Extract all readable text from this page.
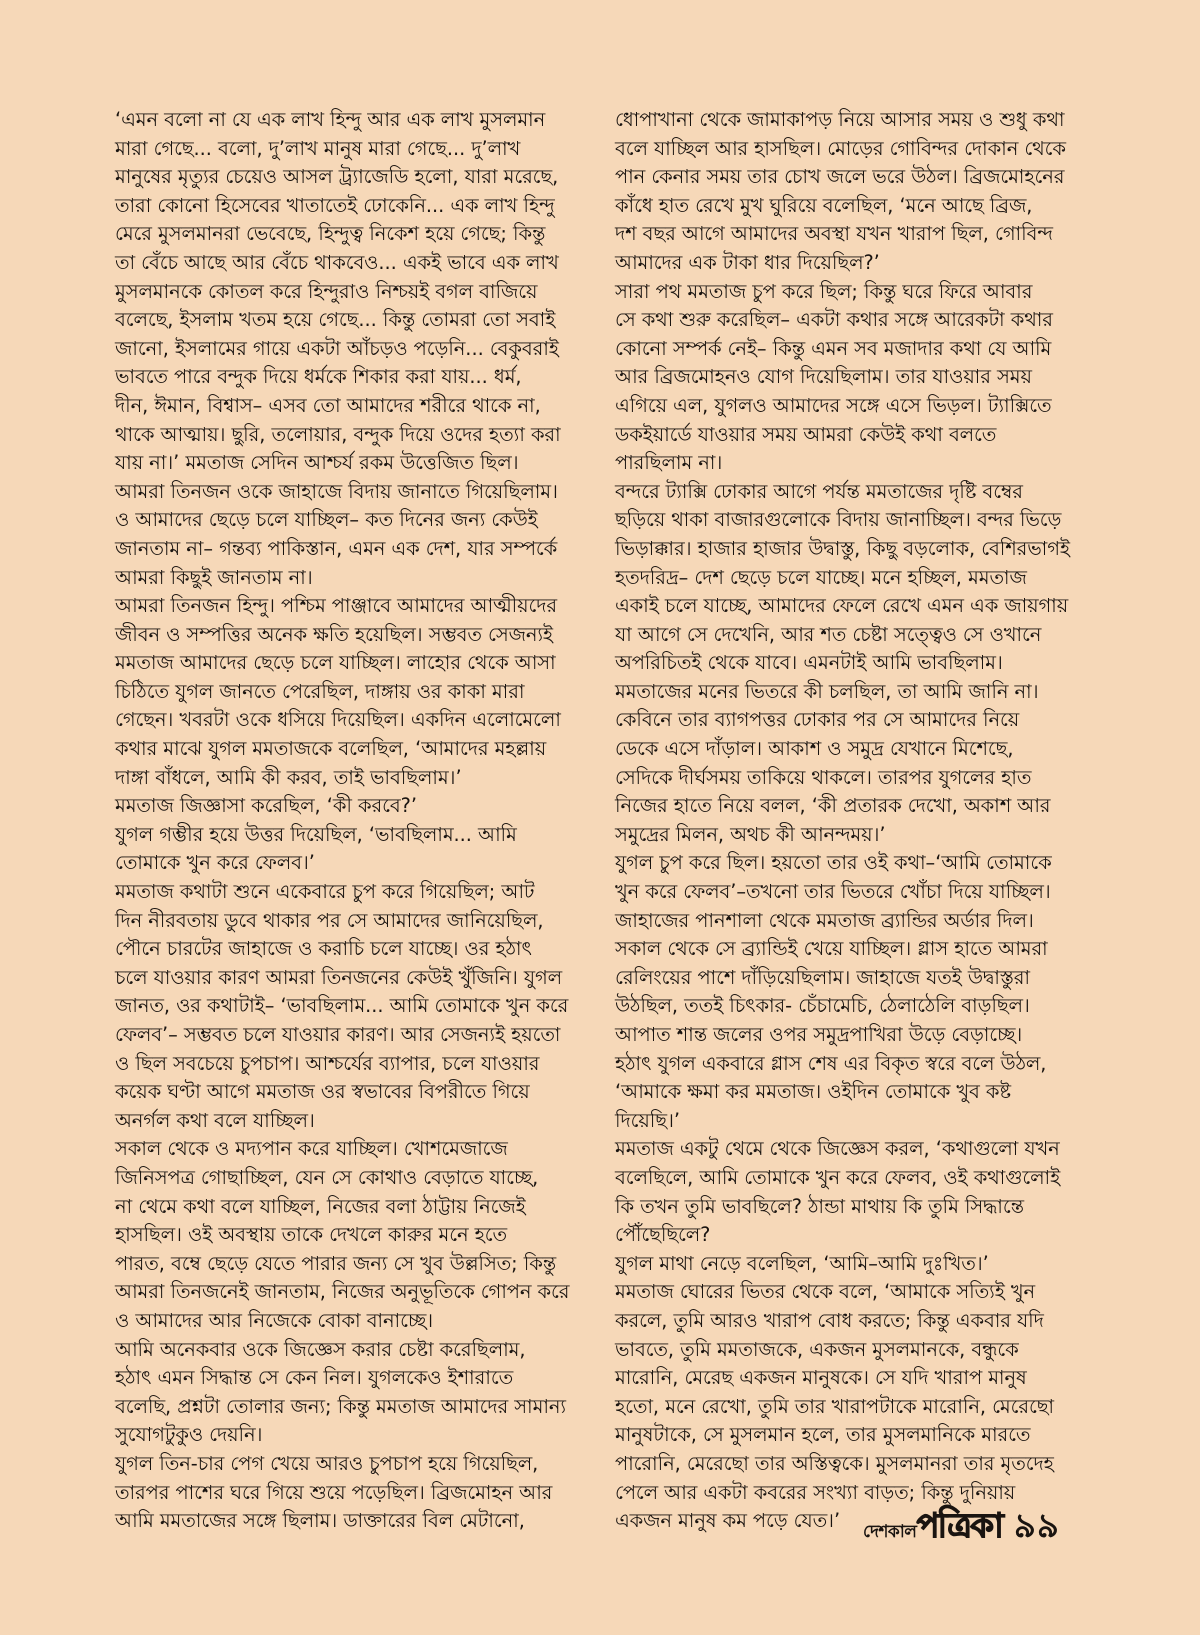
‘এমন বলো না যে এক লাখ হিন্দু আর এক লাখ মুসলমান
মারা গেছে... বলো, দু’লাখ মানুষ মারা গেছে... দু’লাখ
মানুষের মৃত্যুর চেয়েও আসল ট্র্যাজেডি হলো, যারা মরেছে,
তারা কোনো হিসেবের খাতাতেই ঢোকেনি... এক লাখ হিন্দু
মেরে মুসলমানরা ভেবেছে, হিন্দুত্ব নিকেশ হয়ে গেছে; কিন্তু
তা বেঁচে আছে আর বেঁচে থাকবেও... একই ভাবে এক লাখ
মুসলমানকে কোতল করে হিন্দুরাও নিশ্চয়ই বগল বাজিয়ে
বলেছে, ইসলাম খতম হয়ে গেছে... কিন্তু তোমরা তো সবাই
জানো, ইসলামের গায়ে একটা আঁচড়ও পড়েনি... বেকুবরাই
ভাবতে পারে বন্দুক দিয়ে ধর্মকে শিকার করা যায়... ধর্ম,
দীন, ঈমান, বিশ্বাস– এসব তো আমাদের শরীরে থাকে না,
থাকে আত্মায়। ছুরি, তলোয়ার, বন্দুক দিয়ে ওদের হত্যা করা
যায় না।’ মমতাজ সেদিন আশ্চর্য রকম উত্তেজিত ছিল।
আমরা তিনজন ওকে জাহাজে বিদায় জানাতে গিয়েছিলাম।
ও আমাদের ছেড়ে চলে যাচ্ছিল– কত দিনের জন্য কেউই
জানতাম না– গন্তব্য পাকিস্তান, এমন এক দেশ, যার সম্পর্কে
আমরা কিছুই জানতাম না।
আমরা তিনজন হিন্দু। পশ্চিম পাঞ্জাবে আমাদের আত্মীয়দের
জীবন ও সম্পত্তির অনেক ক্ষতি হয়েছিল। সম্ভবত সেজন্যই
মমতাজ আমাদের ছেড়ে চলে যাচ্ছিল। লাহোর থেকে আসা
চিঠিতে যুগল জানতে পেরেছিল, দাঙ্গায় ওর কাকা মারা
গেছেন। খবরটা ওকে ধসিয়ে দিয়েছিল। একদিন এলোমেলো
কথার মাঝে যুগল মমতাজকে বলেছিল, ‘আমাদের মহল্লায়
দাঙ্গা বাঁধলে, আমি কী করব, তাই ভাবছিলাম।’
মমতাজ জিজ্ঞাসা করেছিল, ‘কী করবে?’
যুগল গম্ভীর হয়ে উত্তর দিয়েছিল, ‘ভাবছিলাম... আমি
তোমাকে খুন করে ফেলব।’
মমতাজ কথাটা শুনে একেবারে চুপ করে গিয়েছিল; আট
দিন নীরবতায় ডুবে থাকার পর সে আমাদের জানিয়েছিল,
পৌনে চারটের জাহাজে ও করাচি চলে যাচ্ছে। ওর হঠাৎ
চলে যাওয়ার কারণ আমরা তিনজনের কেউই খুঁজিনি। যুগল
জানত, ওর কথাটাই– ‘ভাবছিলাম... আমি তোমাকে খুন করে
ফেলব’– সম্ভবত চলে যাওয়ার কারণ। আর সেজন্যই হয়তো
ও ছিল সবচেয়ে চুপচাপ। আশ্চর্যের ব্যাপার, চলে যাওয়ার
কয়েক ঘণ্টা আগে মমতাজ ওর স্বভাবের বিপরীতে গিয়ে
অনর্গল কথা বলে যাচ্ছিল।
সকাল থেকে ও মদ্যপান করে যাচ্ছিল। খোশমেজাজে
জিনিসপত্র গোছাচ্ছিল, যেন সে কোথাও বেড়াতে যাচ্ছে,
না থেমে কথা বলে যাচ্ছিল, নিজের বলা ঠাট্টায় নিজেই
হাসছিল। ওই অবস্থায় তাকে দেখলে কারুর মনে হতে
পারত, বম্বে ছেড়ে যেতে পারার জন্য সে খুব উল্লসিত; কিন্তু
আমরা তিনজনেই জানতাম, নিজের অনুভূতিকে গোপন করে
ও আমাদের আর নিজেকে বোকা বানাচ্ছে।
আমি অনেকবার ওকে জিজ্ঞেস করার চেষ্টা করেছিলাম,
হঠাৎ এমন সিদ্ধান্ত সে কেন নিল। যুগলকেও ইশারাতে
বলেছি, প্রশ্নটা তোলার জন্য; কিন্তু মমতাজ আমাদের সামান্য
সুযোগটুকুও দেয়নি।
যুগল তিন-চার পেগ খেয়ে আরও চুপচাপ হয়ে গিয়েছিল,
তারপর পাশের ঘরে গিয়ে শুয়ে পড়েছিল। ব্রিজমোহন আর
আমি মমতাজের সঙ্গে ছিলাম। ডাক্তারের বিল মেটানো,
ধোপাখানা থেকে জামাকাপড় নিয়ে আসার সময় ও শুধু কথা
বলে যাচ্ছিল আর হাসছিল। মোড়ের গোবিন্দর দোকান থেকে
পান কেনার সময় তার চোখ জলে ভরে উঠল। ব্রিজমোহনের
কাঁধে হাত রেখে মুখ ঘুরিয়ে বলেছিল, ‘মনে আছে ব্রিজ,
দশ বছর আগে আমাদের অবস্থা যখন খারাপ ছিল, গোবিন্দ
আমাদের এক টাকা ধার দিয়েছিল?’
সারা পথ মমতাজ চুপ করে ছিল; কিন্তু ঘরে ফিরে আবার
সে কথা শুরু করেছিল– একটা কথার সঙ্গে আরেকটা কথার
কোনো সম্পর্ক নেই– কিন্তু এমন সব মজাদার কথা যে আমি
আর ব্রিজমোহনও যোগ দিয়েছিলাম। তার যাওয়ার সময়
এগিয়ে এল, যুগলও আমাদের সঙ্গে এসে ভিড়ল। ট্যাক্সিতে
ডকইয়ার্ডে যাওয়ার সময় আমরা কেউই কথা বলতে
পারছিলাম না।
বন্দরে ট্যাক্সি ঢোকার আগে পর্যন্ত মমতাজের দৃষ্টি বম্বের
ছড়িয়ে থাকা বাজারগুলোকে বিদায় জানাচ্ছিল। বন্দর ভিড়ে
ভিড়াক্কার। হাজার হাজার উদ্বাস্তু, কিছু বড়লোক, বেশিরভাগই
হতদরিদ্র– দেশ ছেড়ে চলে যাচ্ছে। মনে হচ্ছিল, মমতাজ
একাই চলে যাচ্ছে, আমাদের ফেলে রেখে এমন এক জায়গায়
যা আগে সে দেখেনি, আর শত চেষ্টা সত্ত্বেও সে ওখানে
অপরিচিতই থেকে যাবে। এমনটাই আমি ভাবছিলাম।
মমতাজের মনের ভিতরে কী চলছিল, তা আমি জানি না।
কেবিনে তার ব্যাগপত্তর ঢোকার পর সে আমাদের নিয়ে
ডেকে এসে দাঁড়াল। আকাশ ও সমুদ্র যেখানে মিশেছে,
সেদিকে দীর্ঘসময় তাকিয়ে থাকলে। তারপর যুগলের হাত
নিজের হাতে নিয়ে বলল, ‘কী প্রতারক দেখো, অকাশ আর
সমুদ্রের মিলন, অথচ কী আনন্দময়।’
যুগল চুপ করে ছিল। হয়তো তার ওই কথা–‘আমি তোমাকে
খুন করে ফেলব’–তখনো তার ভিতরে খোঁচা দিয়ে যাচ্ছিল।
জাহাজের পানশালা থেকে মমতাজ ব্র্যান্ডির অর্ডার দিল।
সকাল থেকে সে ব্র্যান্ডিই খেয়ে যাচ্ছিল। গ্লাস হাতে আমরা
রেলিংয়ের পাশে দাঁড়িয়েছিলাম। জাহাজে যতই উদ্বাস্তুরা
উঠছিল, ততই চিৎকার- চেঁচামেচি, ঠেলাঠেলি বাড়ছিল।
আপাত শান্ত জলের ওপর সমুদ্রপাখিরা উড়ে বেড়াচ্ছে।
হঠাৎ যুগল একবারে গ্লাস শেষ এর বিকৃত স্বরে বলে উঠল,
‘আমাকে ক্ষমা কর মমতাজ। ওইদিন তোমাকে খুব কষ্ট
দিয়েছি।’
মমতাজ একটু থেমে থেকে জিজ্ঞেস করল, ‘কথাগুলো যখন
বলেছিলে, আমি তোমাকে খুন করে ফেলব, ওই কথাগুলোই
কি তখন তুমি ভাবছিলে? ঠান্ডা মাথায় কি তুমি সিদ্ধান্তে
পৌঁছেছিলে?
যুগল মাথা নেড়ে বলেছিল, ‘আমি–আমি দুঃখিত।’
মমতাজ ঘোরের ভিতর থেকে বলে, ‘আমাকে সত্যিই খুন
করলে, তুমি আরও খারাপ বোধ করতে; কিন্তু একবার যদি
ভাবতে, তুমি মমতাজকে, একজন মুসলমানকে, বন্ধুকে
মারোনি, মেরেছ একজন মানুষকে। সে যদি খারাপ মানুষ
হতো, মনে রেখো, তুমি তার খারাপটাকে মারোনি, মেরেছো
মানুষটাকে, সে মুসলমান হলে, তার মুসলমানিকে মারতে
পারোনি, মেরেছো তার অস্তিত্বকে। মুসলমানরা তার মৃতদেহ
পেলে আর একটা কবরের সংখ্যা বাড়ত; কিন্তু দুনিয়ায়
একজন মানুষ কম পড়ে যেত।’	দেশকাল পত্রিকা ৯৯
